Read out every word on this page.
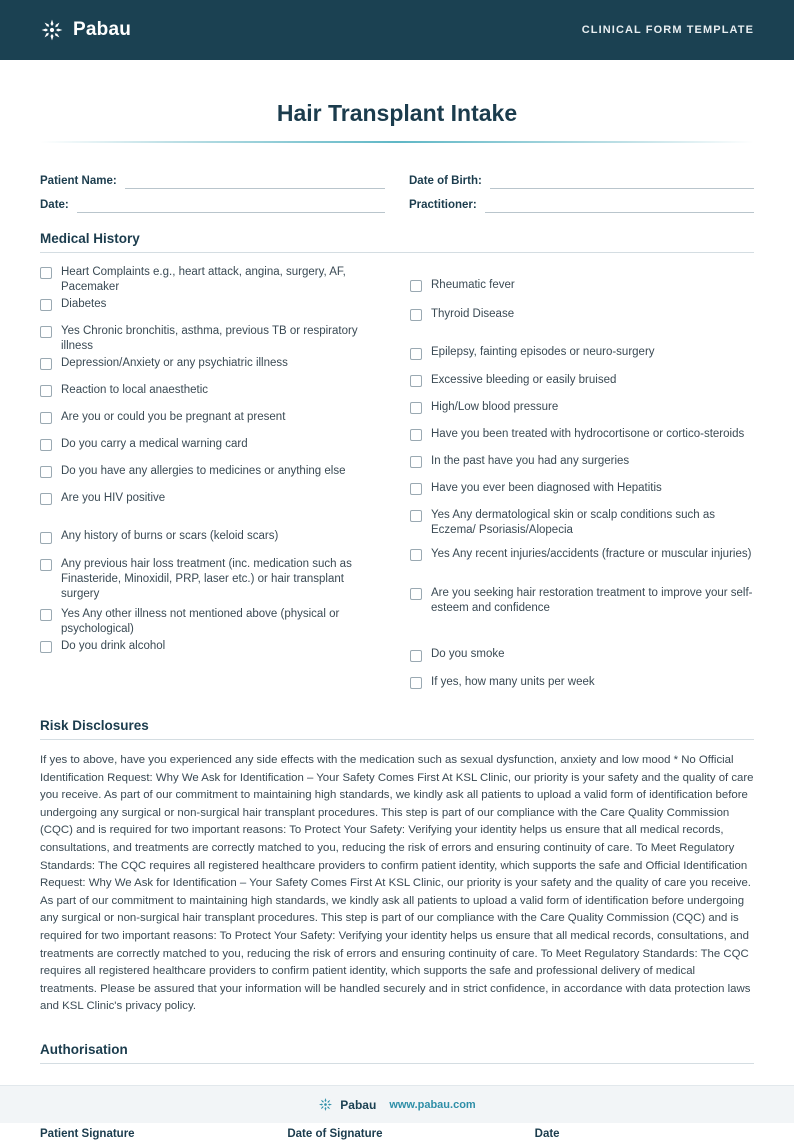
Pabau	CLINICAL FORM TEMPLATE
Hair Transplant Intake
Patient Name:	Date of Birth:
Date:	Practitioner:
Medical History
Heart Complaints e.g., heart attack, angina, surgery, AF, Pacemaker
Diabetes
Yes Chronic bronchitis, asthma, previous TB or respiratory illness
Depression/Anxiety or any psychiatric illness
Reaction to local anaesthetic
Are you or could you be pregnant at present
Do you carry a medical warning card
Do you have any allergies to medicines or anything else
Are you HIV positive
Any history of burns or scars (keloid scars)
Any previous hair loss treatment (inc. medication such as Finasteride, Minoxidil, PRP, laser etc.) or hair transplant surgery
Yes Any other illness not mentioned above (physical or psychological)
Do you drink alcohol
Rheumatic fever
Thyroid Disease
Epilepsy, fainting episodes or neuro-surgery
Excessive bleeding or easily bruised
High/Low blood pressure
Have you been treated with hydrocortisone or cortico-steroids
In the past have you had any surgeries
Have you ever been diagnosed with Hepatitis
Yes Any dermatological skin or scalp conditions such as Eczema/ Psoriasis/Alopecia
Yes Any recent injuries/accidents (fracture or muscular injuries)
Are you seeking hair restoration treatment to improve your self-esteem and confidence
Do you smoke
If yes, how many units per week
Risk Disclosures
If yes to above, have you experienced any side effects with the medication such as sexual dysfunction, anxiety and low mood * No Official Identification Request: Why We Ask for Identification – Your Safety Comes First At KSL Clinic, our priority is your safety and the quality of care you receive. As part of our commitment to maintaining high standards, we kindly ask all patients to upload a valid form of identification before undergoing any surgical or non-surgical hair transplant procedures. This step is part of our compliance with the Care Quality Commission (CQC) and is required for two important reasons: To Protect Your Safety: Verifying your identity helps us ensure that all medical records, consultations, and treatments are correctly matched to you, reducing the risk of errors and ensuring continuity of care. To Meet Regulatory Standards: The CQC requires all registered healthcare providers to confirm patient identity, which supports the safe and Official Identification Request: Why We Ask for Identification – Your Safety Comes First At KSL Clinic, our priority is your safety and the quality of care you receive. As part of our commitment to maintaining high standards, we kindly ask all patients to upload a valid form of identification before undergoing any surgical or non-surgical hair transplant procedures. This step is part of our compliance with the Care Quality Commission (CQC) and is required for two important reasons: To Protect Your Safety: Verifying your identity helps us ensure that all medical records, consultations, and treatments are correctly matched to you, reducing the risk of errors and ensuring continuity of care. To Meet Regulatory Standards: The CQC requires all registered healthcare providers to confirm patient identity, which supports the safe and professional delivery of medical treatments. Please be assured that your information will be handled securely and in strict confidence, in accordance with data protection laws and KSL Clinic's privacy policy.
Authorisation
Patient Signature	Date of Signature	Date
Pabau www.pabau.com
